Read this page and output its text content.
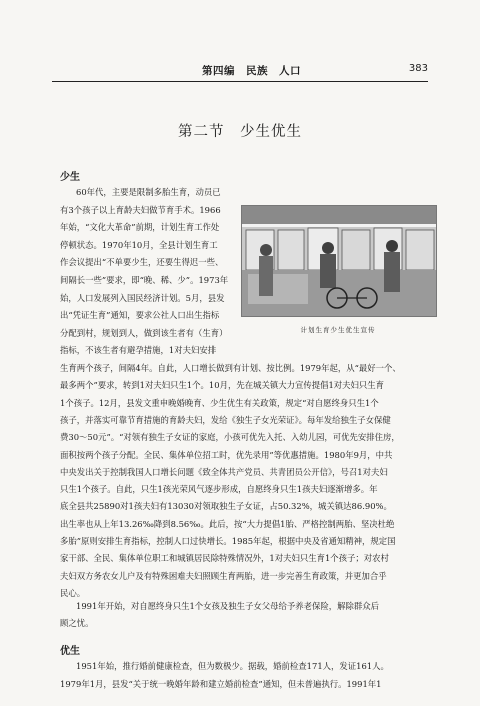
第四编　民族　人口	383
第二节　少生优生
少生
60年代，主要是限制多胎生育，动员已
有3个孩子以上育龄夫妇做节育手术。1966
年始，“文化大革命”前期，计划生育工作处
停顿状态。1970年10月，全县计划生育工
作会议提出“不单要少生，还要生得迟一些、
间隔长一些”要求，即“晚、稀、少”。1973年
始，人口发展列入国民经济计划。5月，县发
出“凭证生育”通知，要求公社人口出生指标
分配到村，规划到人，做到该生者有（生育）
指标，不该生者有避孕措施，1对夫妇安排
计划生育少生优生宣传
生育两个孩子，间隔4年。自此，人口增长做到有计划、按比例。1979年起，从“最好一个、
最多两个”要求，转到1对夫妇只生1个。10月，先在城关镇大力宣传提倡1对夫妇只生育
1个孩子。12月，县发文重申晚婚晚育、少生优生有关政策，规定“对自愿终身只生1个
孩子，并落实可靠节育措施的育龄夫妇，发给《独生子女光荣证》。每年发给独生子女保健
费30～50元”。“对领有独生子女证的家庭，小孩可优先入托、入幼儿园，可优先安排住房，
面积按两个孩子分配。全民、集体单位招工时，优先录用”等优惠措施。1980年9月，中共
中央发出关于控制我国人口增长问题《致全体共产党员、共青团员公开信》，号召1对夫妇
只生1个孩子。自此，只生1孩光荣风气逐步形成，自愿终身只生1孩夫妇逐渐增多。年
底全县共25890对1孩夫妇有13030对领取独生子女证，占50.32%，城关镇达86.90%。
出生率也从上年13.26‰降到8.56‰。此后，按“大力提倡1胎、严格控制两胎、坚决杜绝
多胎”原则安排生育指标，控制人口过快增长。1985年起，根据中央及省通知精神，规定国
家干部、全民、集体单位职工和城镇居民除特殊情况外，1对夫妇只生育1个孩子；对农村
夫妇双方务农女儿户及有特殊困难夫妇照顾生育两胎，进一步完善生育政策，并更加合乎
民心。
1991年开始，对自愿终身只生1个女孩及独生子女父母给予养老保险，解除群众后
顾之忧。
优生
1951年始，推行婚前健康检查，但为数极少。据载，婚前检查171人，发证161人。
1979年1月，县发“关于统一晚婚年龄和建立婚前检查”通知，但未普遍执行。1991年1
